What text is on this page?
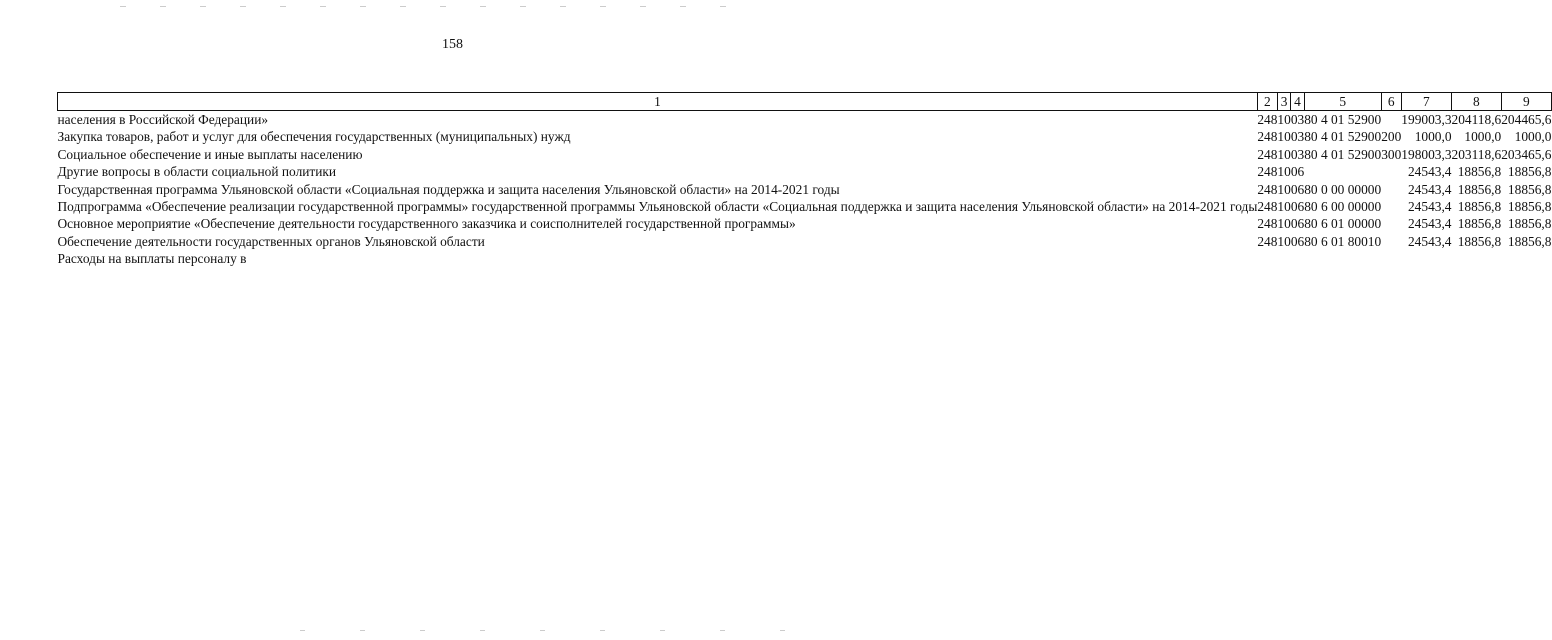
158
1	2	3	4	5	6	7	8	9
населения в Российской Федерации»	248	10	03	80 4 01 52900		199003,3	204118,6	204465,6
Закупка товаров, работ и услуг для обеспечения государственных (муниципальных) нужд	248	10	03	80 4 01 52900	200	1000,0	1000,0	1000,0
Социальное обеспечение и иные выплаты населению	248	10	03	80 4 01 52900	300	198003,3	203118,6	203465,6
Другие вопросы в области социальной политики	248	10	06			24543,4	18856,8	18856,8
Государственная программа Ульяновской области «Социальная поддержка и защита населения Ульяновской области» на 2014-2021 годы	248	10	06	80 0 00 00000		24543,4	18856,8	18856,8
Подпрограмма «Обеспечение реализации государственной программы» государственной программы Ульяновской области «Социальная поддержка и защита населения Ульяновской области» на 2014-2021 годы	248	10	06	80 6 00 00000		24543,4	18856,8	18856,8
Основное мероприятие «Обеспечение деятельности государственного заказчика и соисполнителей государственной программы»	248	10	06	80 6 01 00000		24543,4	18856,8	18856,8
Обеспечение деятельности государственных органов Ульяновской области	248	10	06	80 6 01 80010		24543,4	18856,8	18856,8
Расходы на выплаты персоналу в								
